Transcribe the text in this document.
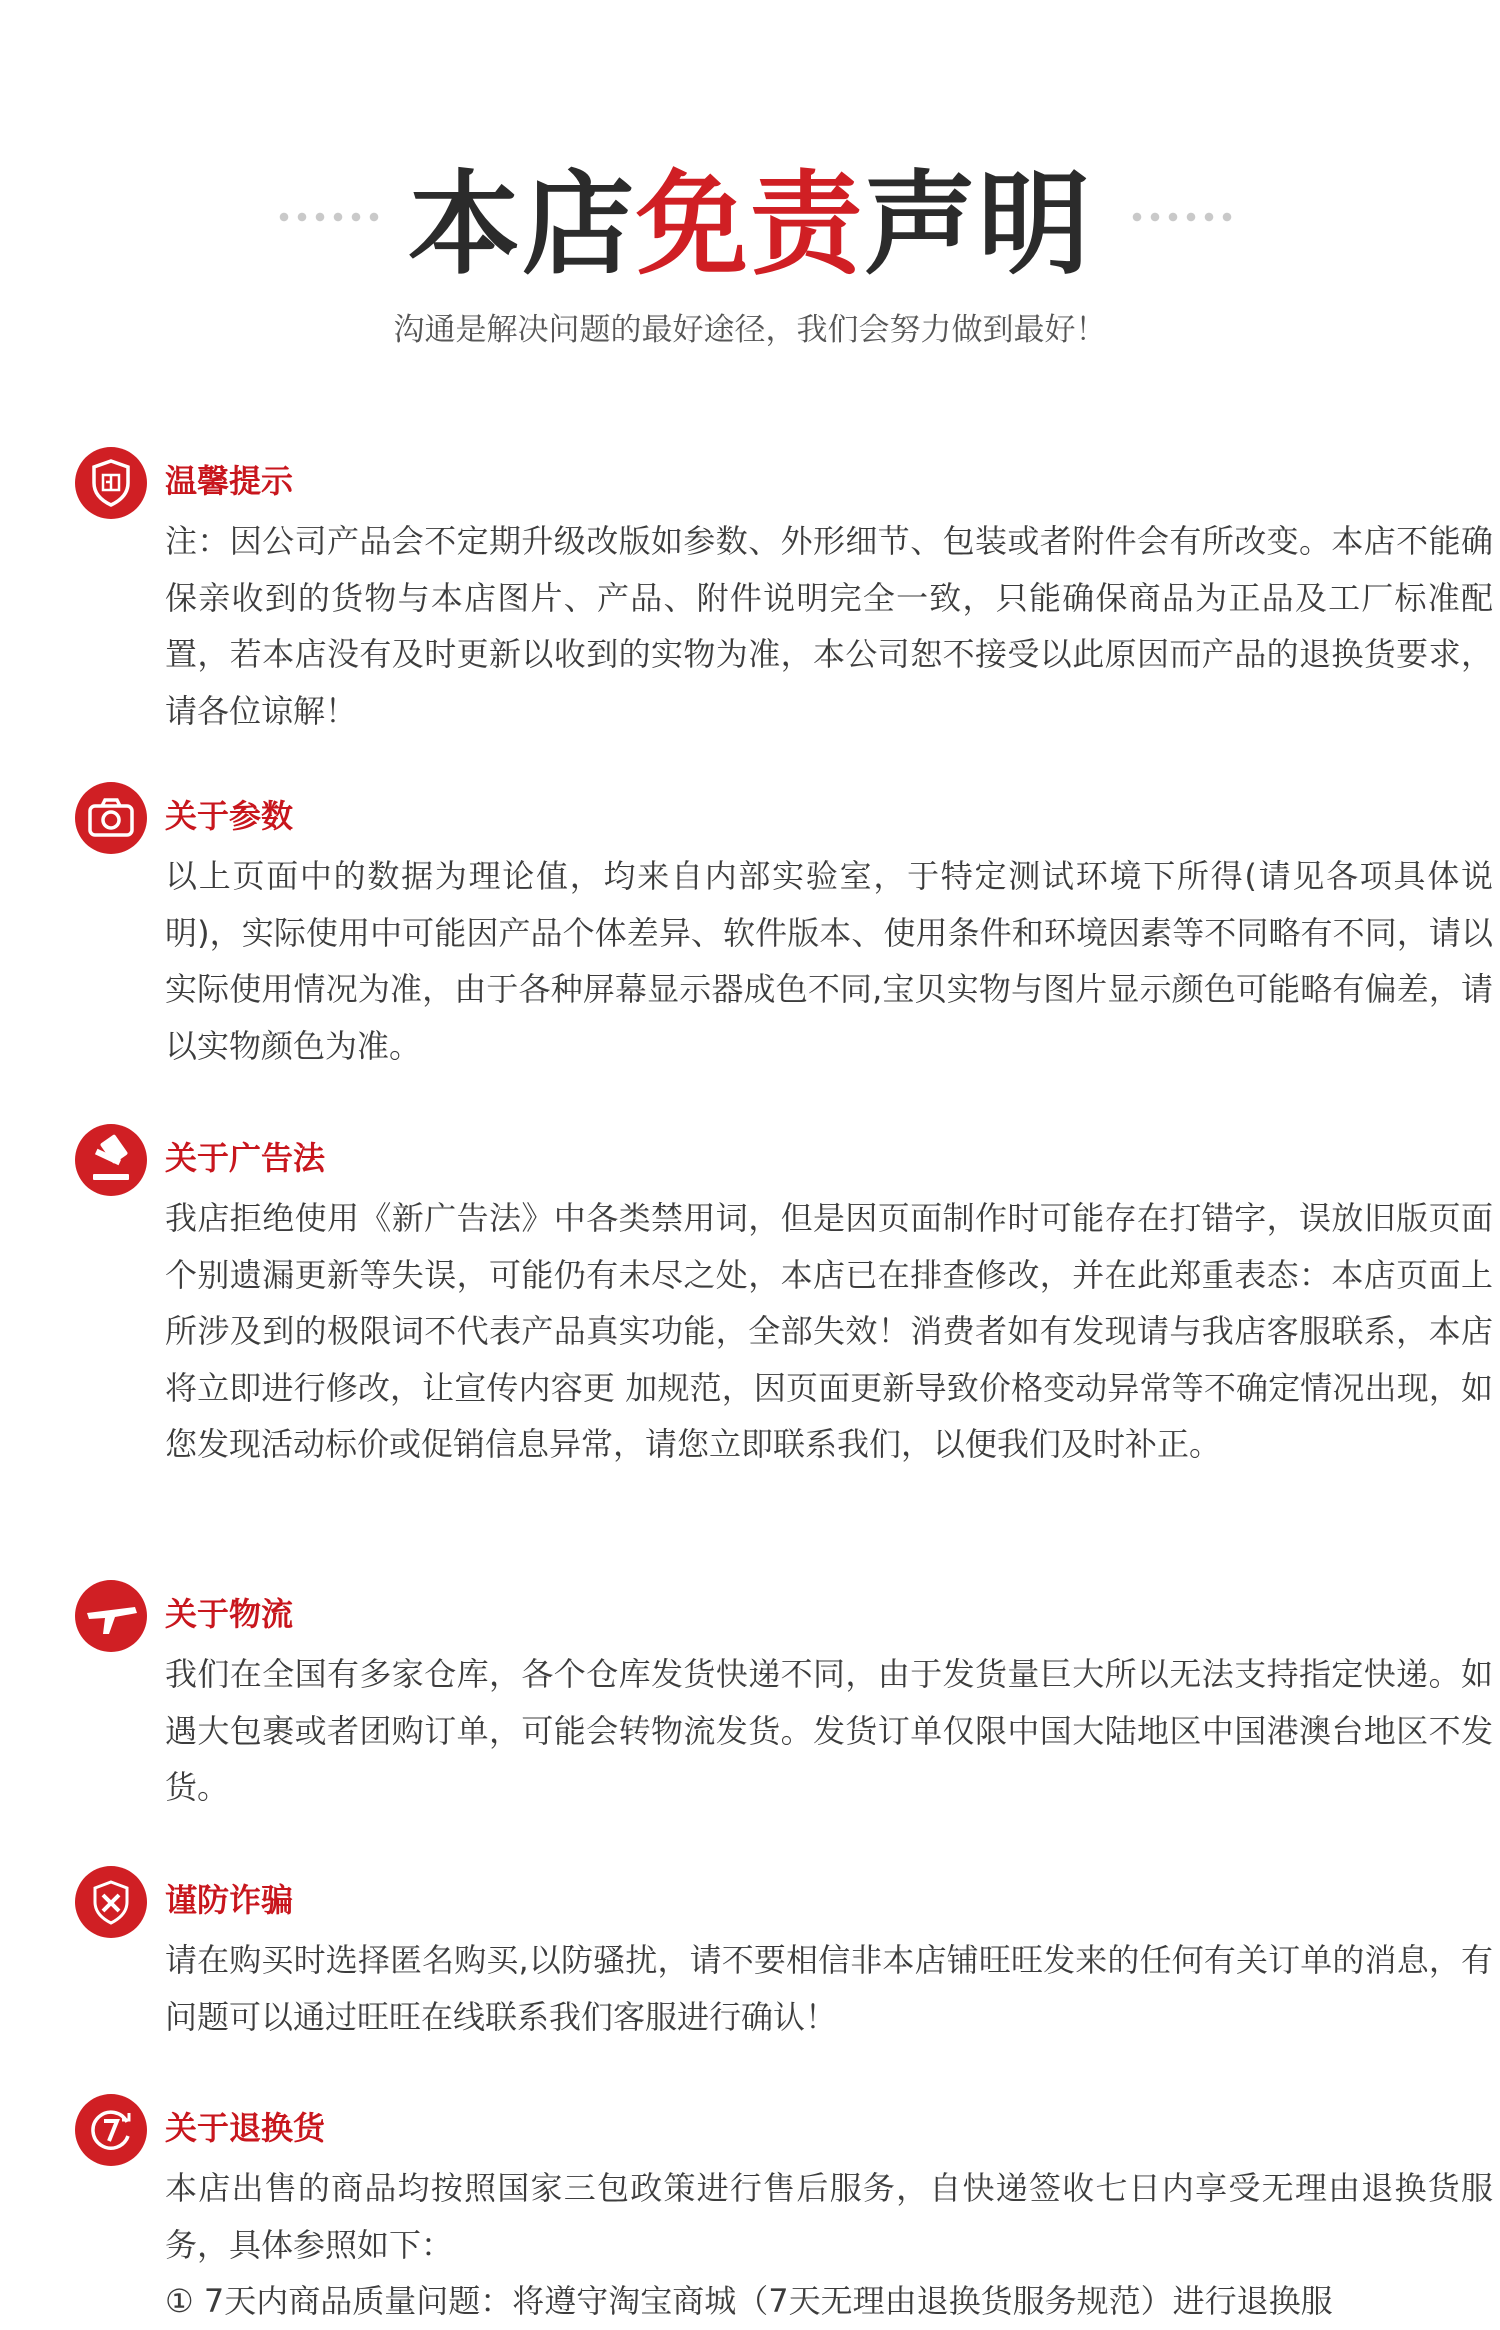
本店免责声明
沟通是解决问题的最好途径，我们会努力做到最好！
温馨提示

注：因公司产品会不定期升级改版如参数、外形细节、包装或者附件会有所改变。本店不能确保亲收到的货物与本店图片、产品、附件说明完全一致，只能确保商品为正品及工厂标准配置，若本店没有及时更新以收到的实物为准，本公司恕不接受以此原因而产品的退换货要求，请各位谅解！

关于参数

以上页面中的数据为理论值，均来自内部实验室，于特定测试环境下所得(请见各项具体说明)，实际使用中可能因产品个体差异、软件版本、使用条件和环境因素等不同略有不同，请以实际使用情况为准，由于各种屏幕显示器成色不同,宝贝实物与图片显示颜色可能略有偏差，请以实物颜色为准。

关于广告法

我店拒绝使用《新广告法》中各类禁用词，但是因页面制作时可能存在打错字，误放旧版页面个别遗漏更新等失误，可能仍有未尽之处，本店已在排查修改，并在此郑重表态：本店页面上所涉及到的极限词不代表产品真实功能，全部失效！消费者如有发现请与我店客服联系，本店将立即进行修改，让宣传内容更 加规范，因页面更新导致价格变动异常等不确定情况出现，如您发现活动标价或促销信息异常，请您立即联系我们，以便我们及时补正。

关于物流

我们在全国有多家仓库，各个仓库发货快递不同，由于发货量巨大所以无法支持指定快递。如遇大包裹或者团购订单，可能会转物流发货。发货订单仅限中国大陆地区中国港澳台地区不发货。

谨防诈骗

请在购买时选择匿名购买,以防骚扰，请不要相信非本店铺旺旺发来的任何有关订单的消息，有问题可以通过旺旺在线联系我们客服进行确认！

关于退换货

本店出售的商品均按照国家三包政策进行售后服务，自快递签收七日内享受无理由退换货服务，具体参照如下：
① 7天内商品质量问题：将遵守淘宝商城（7天无理由退换货服务规范）进行退换服
